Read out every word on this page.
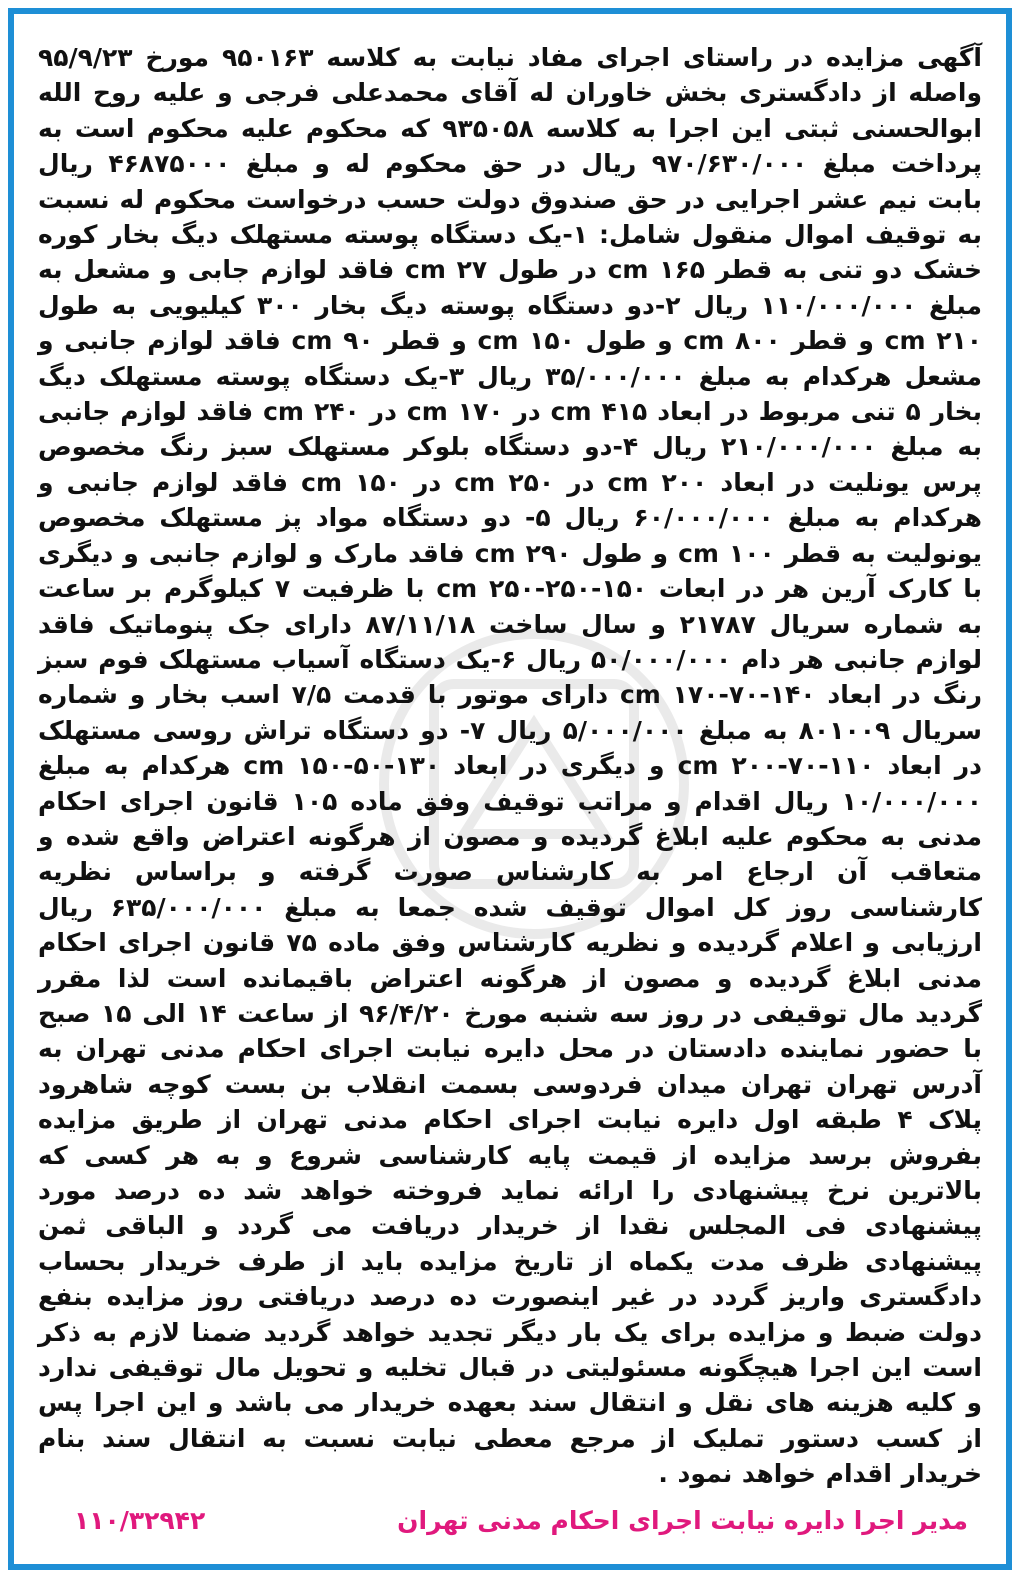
آگهی مزایده در راستای اجرای مفاد نیابت به کلاسه ۹۵۰۱۶۳ مورخ ۹۵/۹/۲۳ واصله از دادگستری بخش خاوران له آقای محمدعلی فرجی و علیه روح الله ابوالحسنی ثبتی این اجرا به کلاسه ۹۳۵۰۵۸ که محکوم علیه محکوم است به پرداخت مبلغ ۹۷۰/۶۳۰/۰۰۰ ریال در حق محکوم له و مبلغ ۴۶۸۷۵۰۰۰ ریال بابت نیم عشر اجرایی در حق صندوق دولت حسب درخواست محکوم له نسبت به توقیف اموال منقول شامل: ۱-یک دستگاه پوسته مستهلک دیگ بخار کوره خشک دو تنی به قطر ۱۶۵ cm در طول ۲۷ cm فاقد لوازم جابی و مشعل به مبلغ ۱۱۰/۰۰۰/۰۰۰ ریال ۲-دو دستگاه پوسته دیگ بخار ۳۰۰ کیلیویی به طول ۲۱۰ cm و قطر ۸۰۰ cm و طول ۱۵۰ cm و قطر ۹۰ cm فاقد لوازم جانبی و مشعل هرکدام به مبلغ ۳۵/۰۰۰/۰۰۰ ریال ۳-یک دستگاه پوسته مستهلک دیگ بخار ۵ تنی مربوط در ابعاد ۴۱۵ cm در ۱۷۰ cm در ۲۴۰ cm فاقد لوازم جانبی به مبلغ ۲۱۰/۰۰۰/۰۰۰ ریال ۴-دو دستگاه بلوکر مستهلک سبز رنگ مخصوص پرس یونلیت در ابعاد ۲۰۰ cm در ۲۵۰ cm در ۱۵۰ cm فاقد لوازم جانبی و هرکدام به مبلغ ۶۰/۰۰۰/۰۰۰ ریال ۵- دو دستگاه مواد پز مستهلک مخصوص یونولیت به قطر ۱۰۰ cm و طول ۲۹۰ cm فاقد مارک و لوازم جانبی و دیگری با کارک آرین هر در ابعات ۱۵۰-۲۵۰-۲۵۰ cm با ظرفیت ۷ کیلوگرم بر ساعت به شماره سریال ۲۱۷۸۷ و سال ساخت ۸۷/۱۱/۱۸ دارای جک پنوماتیک فاقد لوازم جانبی هر دام ۵۰/۰۰۰/۰۰۰ ریال ۶-یک دستگاه آسیاب مستهلک فوم سبز رنگ در ابعاد ۱۴۰-۷۰-۱۷۰ cm دارای موتور با قدمت ۷/۵ اسب بخار و شماره سریال ۸۰۱۰۰۹ به مبلغ ۵/۰۰۰/۰۰۰ ریال ۷- دو دستگاه تراش روسی مستهلک در ابعاد ۱۱۰-۷۰-۲۰۰ cm و دیگری در ابعاد ۱۳۰-۵۰-۱۵۰ cm هرکدام به مبلغ ۱۰/۰۰۰/۰۰۰ ریال اقدام و مراتب توقیف وفق ماده ۱۰۵ قانون اجرای احکام مدنی به محکوم علیه ابلاغ گردیده و مصون از هرگونه اعتراض واقع شده و متعاقب آن ارجاع امر به کارشناس صورت گرفته و براساس نظریه کارشناسی روز کل اموال توقیف شده جمعا به مبلغ ۶۳۵/۰۰۰/۰۰۰ ریال ارزیابی و اعلام گردیده و نظریه کارشناس وفق ماده ۷۵ قانون اجرای احکام مدنی ابلاغ گردیده و مصون از هرگونه اعتراض باقیمانده است لذا مقرر گردید مال توقیفی در روز سه شنبه مورخ ۹۶/۴/۲۰ از ساعت ۱۴ الی ۱۵ صبح با حضور نماینده دادستان در محل دایره نیابت اجرای احکام مدنی تهران به آدرس تهران تهران میدان فردوسی بسمت انقلاب بن بست کوچه شاهرود پلاک ۴ طبقه اول دایره نیابت اجرای احکام مدنی تهران از طریق مزایده بفروش برسد مزایده از قیمت پایه کارشناسی شروع و به هر کسی که بالاترین نرخ پیشنهادی را ارائه نماید فروخته خواهد شد ده درصد مورد پیشنهادی فی المجلس نقدا از خریدار دریافت می گردد و الباقی ثمن پیشنهادی ظرف مدت یکماه از تاریخ مزایده باید از طرف خریدار بحساب دادگستری واریز گردد در غیر اینصورت ده درصد دریافتی روز مزایده بنفع دولت ضبط و مزایده برای یک بار دیگر تجدید خواهد گردید ضمنا لازم به ذکر است این اجرا هیچگونه مسئولیتی در قبال تخلیه و تحویل مال توقیفی ندارد و کلیه هزینه های نقل و انتقال سند بعهده خریدار می باشد و این اجرا پس از کسب دستور تملیک از مرجع معطی نیابت نسبت به انتقال سند بنام خریدار اقدام خواهد نمود .

مدیر اجرا دایره نیابت اجرای احکام مدنی تهران
۱۱۰/۳۲۹۴۲
